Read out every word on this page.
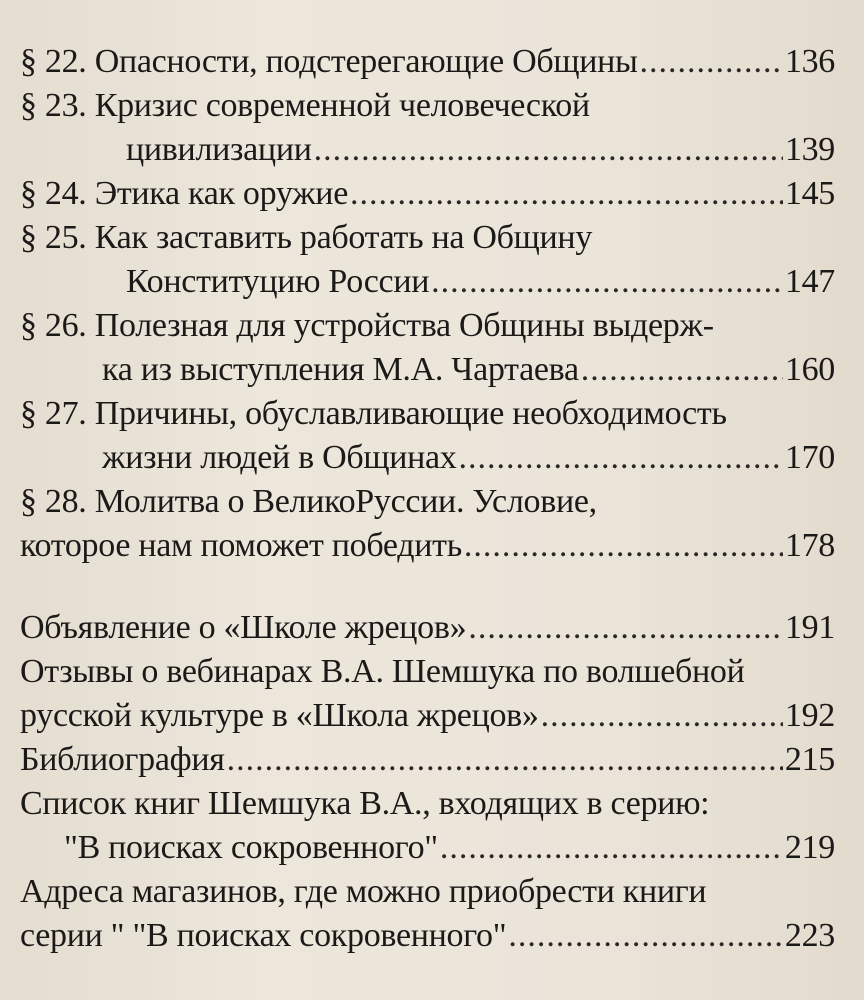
§ 22. Опасности, подстерегающие Общины .....	136
§ 23. Кризис современной человеческой
цивилизации .....	139
§ 24. Этика как оружие .....	145
§ 25. Как заставить работать на Общину
Конституцию России .....	147
§ 26. Полезная для устройства Общины выдерж-
ка из выступления М.А. Чартаева .....	160
§ 27. Причины, обуславливающие необходимость
жизни людей в Общинах .....	170
§ 28. Молитва о ВеликоРуссии. Условие,
которое нам поможет победить .....	178
Объявление о «Школе жрецов» .....	191
Отзывы о вебинарах В.А. Шемшука по волшебной
русской культуре в «Школа жрецов» .....	192
Библиография .....	215
Список книг Шемшука В.А., входящих в серию:
"В поисках сокровенного" .....	219
Адреса магазинов, где можно приобрести книги
серии " "В поисках сокровенного" .....	223
